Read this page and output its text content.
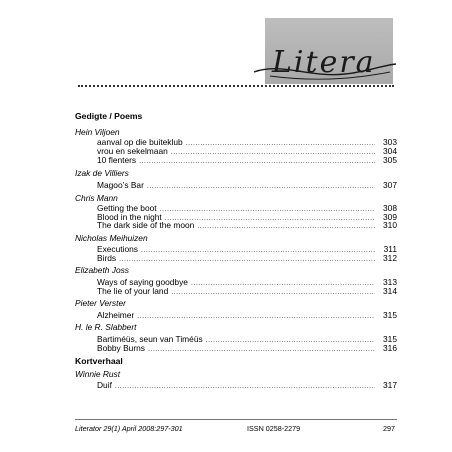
Litera
Gedigte / Poems
Hein Viljoen
aanval op die buiteklub .....	303
vrou en sekelmaan .....	304
10 flenters .....	305
Izak de Villiers
Magoo’s Bar .....	307
Chris Mann
Getting the boot .....	308
Blood in the night .....	309
The dark side of the moon .....	310
Nicholas Meihuizen
Executions .....	311
Birds .....	312
Elizabeth Joss
Ways of saying goodbye .....	313
The lie of your land .....	314
Pieter Verster
Alzheimer .....	315
H. le R. Slabbert
Bartiméüs, seun van Timéüs .....	315
Bobby Burns .....	316
Kortverhaal
Winnie Rust
Duif .....	317
Literator 29(1) April 2008:297-301	ISSN 0258-2279	297
